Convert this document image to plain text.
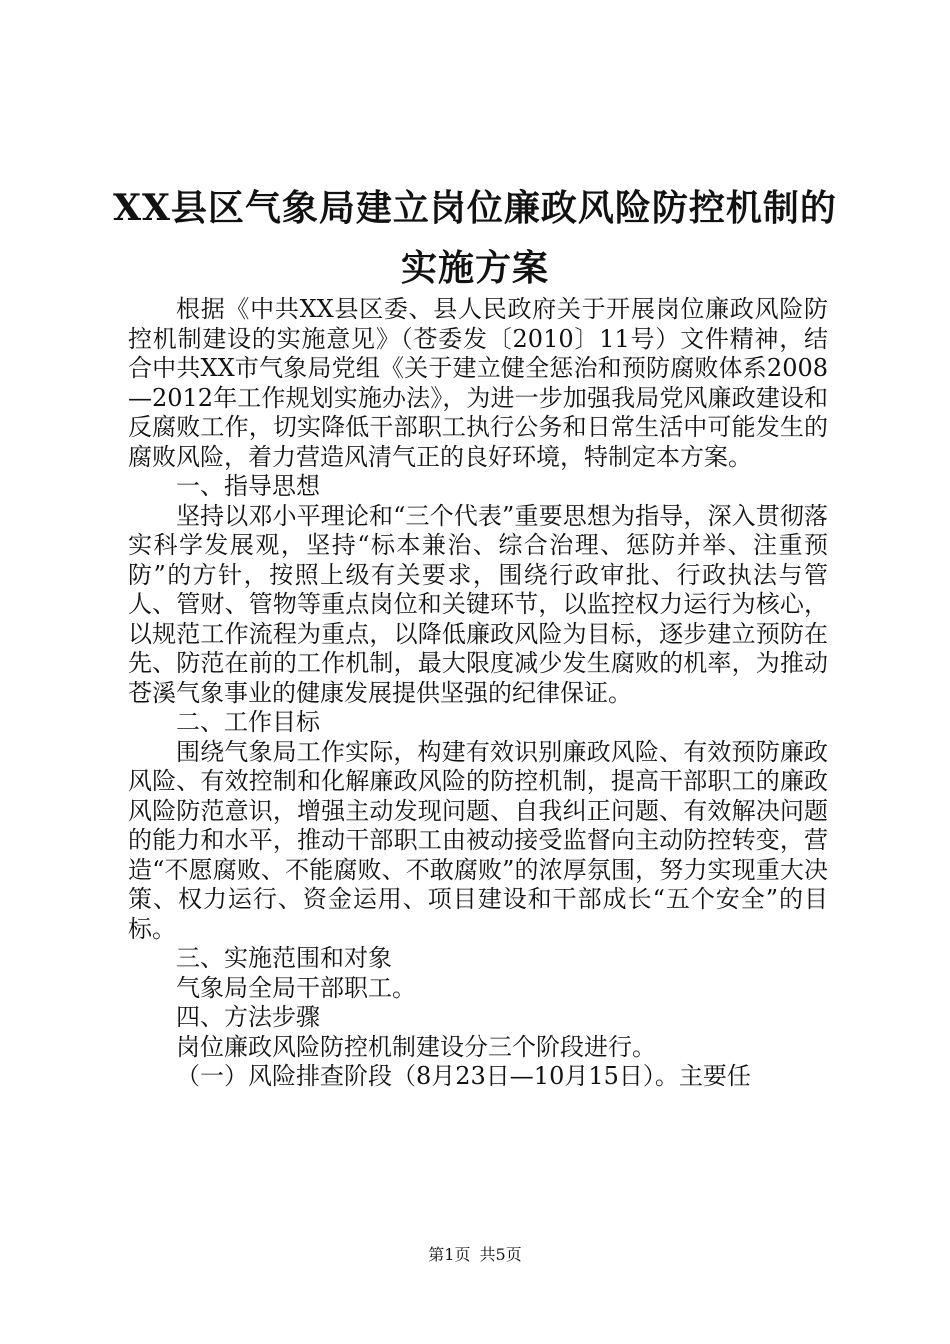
XX县区气象局建立岗位廉政风险防控机制的
实施方案

根据《中共XX县区委、县人民政府关于开展岗位廉政风险防控机制建设的实施意见》（苍委发〔2010〕11号）文件精神，结合中共XX市气象局党组《关于建立健全惩治和预防腐败体系2008—2012年工作规划实施办法》，为进一步加强我局党风廉政建设和反腐败工作，切实降低干部职工执行公务和日常生活中可能发生的腐败风险，着力营造风清气正的良好环境，特制定本方案。

一、指导思想

坚持以邓小平理论和“三个代表”重要思想为指导，深入贯彻落实科学发展观，坚持“标本兼治、综合治理、惩防并举、注重预防”的方针，按照上级有关要求，围绕行政审批、行政执法与管人、管财、管物等重点岗位和关键环节，以监控权力运行为核心，以规范工作流程为重点，以降低廉政风险为目标，逐步建立预防在先、防范在前的工作机制，最大限度减少发生腐败的机率，为推动苍溪气象事业的健康发展提供坚强的纪律保证。

二、工作目标

围绕气象局工作实际，构建有效识别廉政风险、有效预防廉政风险、有效控制和化解廉政风险的防控机制，提高干部职工的廉政风险防范意识，增强主动发现问题、自我纠正问题、有效解决问题的能力和水平，推动干部职工由被动接受监督向主动防控转变，营造“不愿腐败、不能腐败、不敢腐败”的浓厚氛围，努力实现重大决策、权力运行、资金运用、项目建设和干部成长“五个安全”的目标。

三、实施范围和对象

气象局全局干部职工。

四、方法步骤

岗位廉政风险防控机制建设分三个阶段进行。

（一）风险排查阶段（8月23日—10月15日）。主要任

第1页 共5页
